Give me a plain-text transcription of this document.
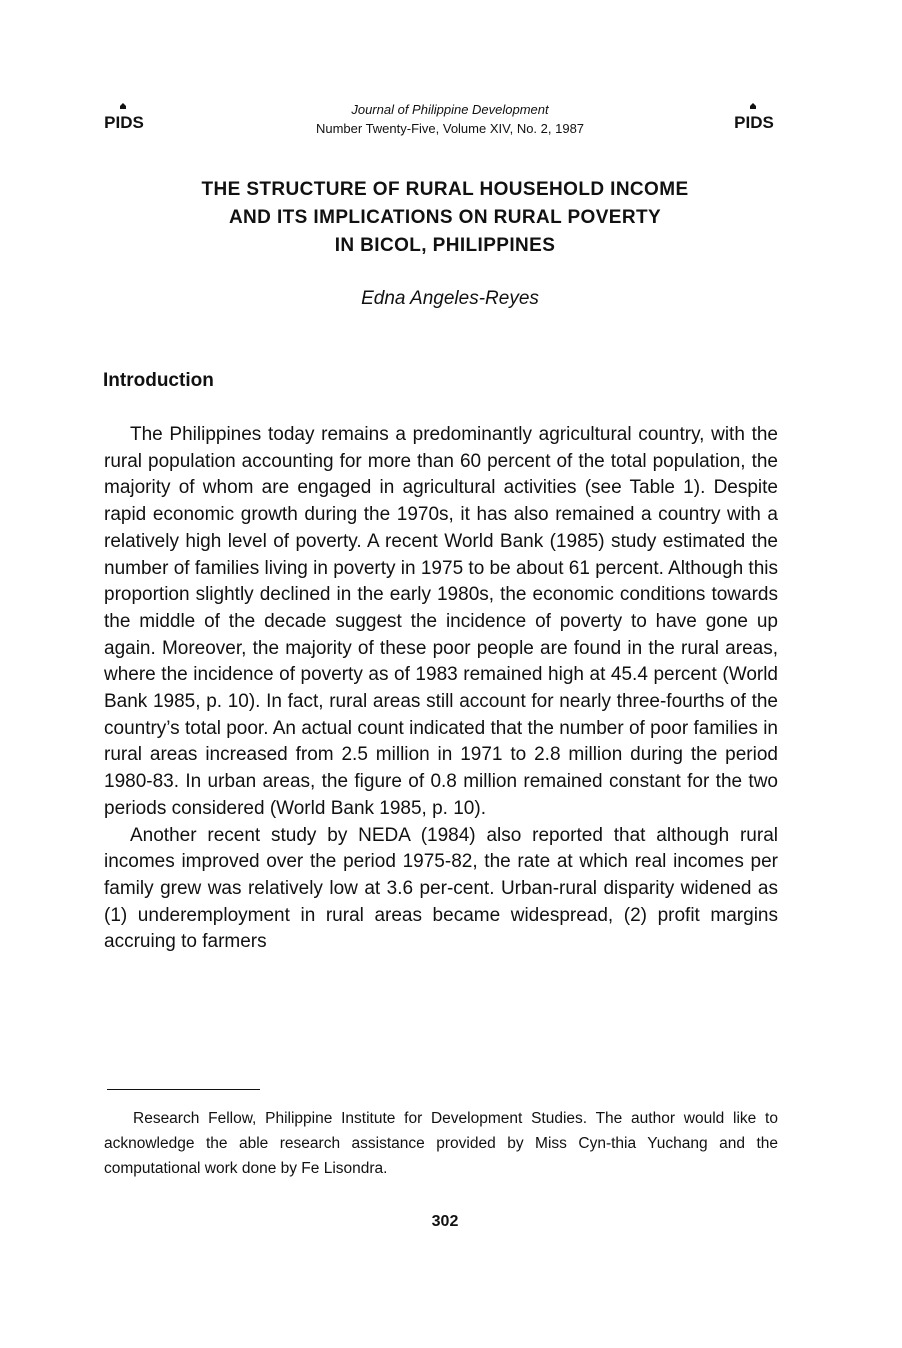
PIDS
Journal of Philippine Development
Number Twenty-Five, Volume XIV, No. 2, 1987	PIDS
THE STRUCTURE OF RURAL HOUSEHOLD INCOME
AND ITS IMPLICATIONS ON RURAL POVERTY
IN BICOL, PHILIPPINES
Edna Angeles-Reyes
Introduction

The Philippines today remains a predominantly agricultural country, with the rural population accounting for more than 60 percent of the total population, the majority of whom are engaged in agricultural activities (see Table 1). Despite rapid economic growth during the 1970s, it has also remained a country with a relatively high level of poverty. A recent World Bank (1985) study estimated the number of families living in poverty in 1975 to be about 61 percent. Although this proportion slightly declined in the early 1980s, the economic conditions towards the middle of the decade suggest the incidence of poverty to have gone up again. Moreover, the majority of these poor people are found in the rural areas, where the incidence of poverty as of 1983 remained high at 45.4 percent (World Bank 1985, p. 10). In fact, rural areas still account for nearly three-fourths of the country’s total poor. An actual count indicated that the number of poor families in rural areas increased from 2.5 million in 1971 to 2.8 million during the period 1980-83. In urban areas, the figure of 0.8 million remained constant for the two periods considered (World Bank 1985, p. 10).

Another recent study by NEDA (1984) also reported that although rural incomes improved over the period 1975-82, the rate at which real incomes per family grew was relatively low at 3.6 per-cent. Urban-rural disparity widened as (1) underemployment in rural areas became widespread, (2) profit margins accruing to farmers

Research Fellow, Philippine Institute for Development Studies. The author would like to acknowledge the able research assistance provided by Miss Cyn-thia Yuchang and the computational work done by Fe Lisondra.

302
